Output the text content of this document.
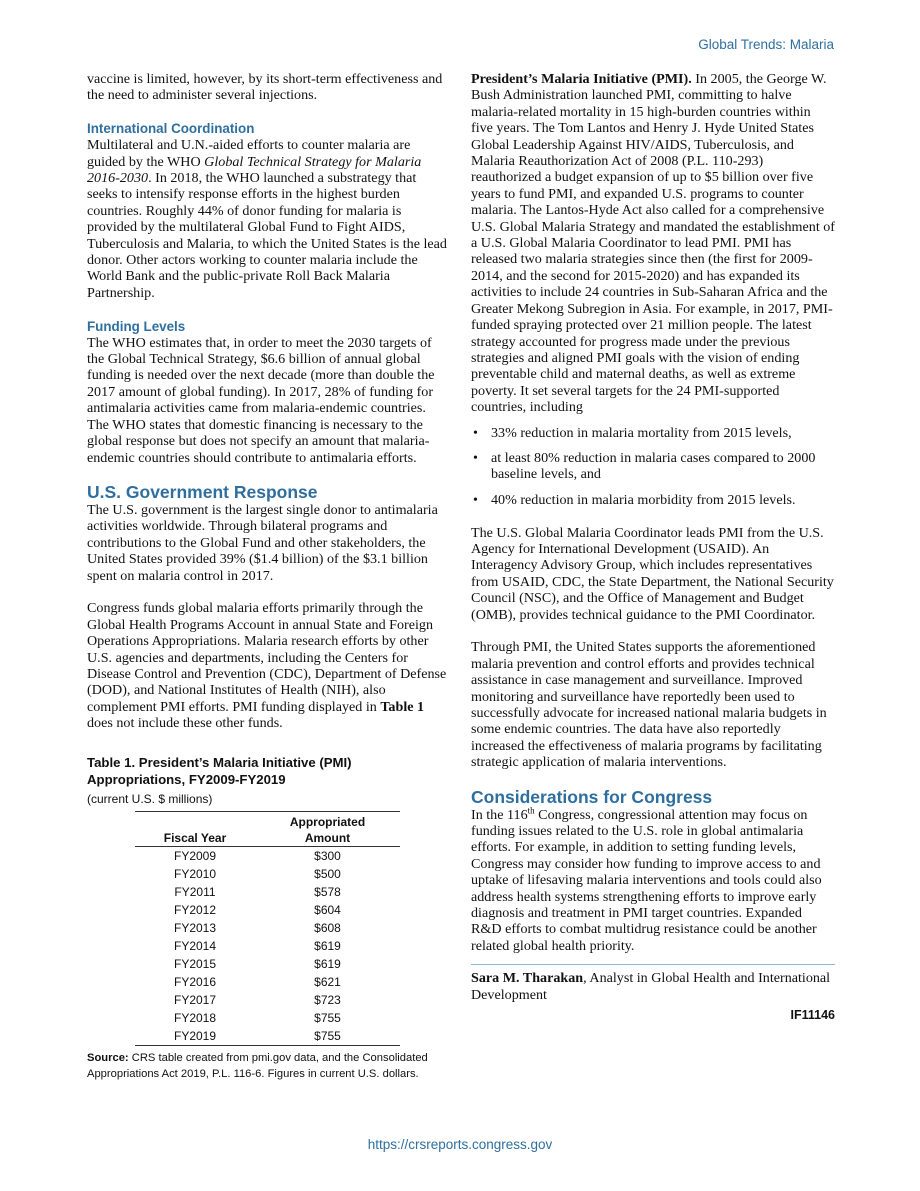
Global Trends: Malaria

vaccine is limited, however, by its short-term effectiveness and the need to administer several injections.

International Coordination

Multilateral and U.N.-aided efforts to counter malaria are guided by the WHO Global Technical Strategy for Malaria 2016-2030. In 2018, the WHO launched a substrategy that seeks to intensify response efforts in the highest burden countries. Roughly 44% of donor funding for malaria is provided by the multilateral Global Fund to Fight AIDS, Tuberculosis and Malaria, to which the United States is the lead donor. Other actors working to counter malaria include the World Bank and the public-private Roll Back Malaria Partnership.

Funding Levels

The WHO estimates that, in order to meet the 2030 targets of the Global Technical Strategy, $6.6 billion of annual global funding is needed over the next decade (more than double the 2017 amount of global funding). In 2017, 28% of funding for antimalaria activities came from malaria-endemic countries. The WHO states that domestic financing is necessary to the global response but does not specify an amount that malaria-endemic countries should contribute to antimalaria efforts.

U.S. Government Response

The U.S. government is the largest single donor to antimalaria activities worldwide. Through bilateral programs and contributions to the Global Fund and other stakeholders, the United States provided 39% ($1.4 billion) of the $3.1 billion spent on malaria control in 2017.

Congress funds global malaria efforts primarily through the Global Health Programs Account in annual State and Foreign Operations Appropriations. Malaria research efforts by other U.S. agencies and departments, including the Centers for Disease Control and Prevention (CDC), Department of Defense (DOD), and National Institutes of Health (NIH), also complement PMI efforts. PMI funding displayed in Table 1 does not include these other funds.

Table 1. President’s Malaria Initiative (PMI) Appropriations, FY2009-FY2019
(current U.S. $ millions)
Fiscal Year	Appropriated
Amount
FY2009	$300
FY2010	$500
FY2011	$578
FY2012	$604
FY2013	$608
FY2014	$619
FY2015	$619
FY2016	$621
FY2017	$723
FY2018	$755
FY2019	$755
Source: CRS table created from pmi.gov data, and the Consolidated Appropriations Act 2019, P.L. 116-6. Figures in current U.S. dollars.

President’s Malaria Initiative (PMI). In 2005, the George W. Bush Administration launched PMI, committing to halve malaria-related mortality in 15 high-burden countries within five years. The Tom Lantos and Henry J. Hyde United States Global Leadership Against HIV/AIDS, Tuberculosis, and Malaria Reauthorization Act of 2008 (P.L. 110-293) reauthorized a budget expansion of up to $5 billion over five years to fund PMI, and expanded U.S. programs to counter malaria. The Lantos-Hyde Act also called for a comprehensive U.S. Global Malaria Strategy and mandated the establishment of a U.S. Global Malaria Coordinator to lead PMI. PMI has released two malaria strategies since then (the first for 2009-2014, and the second for 2015-2020) and has expanded its activities to include 24 countries in Sub-Saharan Africa and the Greater Mekong Subregion in Asia. For example, in 2017, PMI-funded spraying protected over 21 million people. The latest strategy accounted for progress made under the previous strategies and aligned PMI goals with the vision of ending preventable child and maternal deaths, as well as extreme poverty. It set several targets for the 24 PMI-supported countries, including

• 33% reduction in malaria mortality from 2015 levels,
• at least 80% reduction in malaria cases compared to 2000 baseline levels, and
• 40% reduction in malaria morbidity from 2015 levels.

The U.S. Global Malaria Coordinator leads PMI from the U.S. Agency for International Development (USAID). An Interagency Advisory Group, which includes representatives from USAID, CDC, the State Department, the National Security Council (NSC), and the Office of Management and Budget (OMB), provides technical guidance to the PMI Coordinator.

Through PMI, the United States supports the aforementioned malaria prevention and control efforts and provides technical assistance in case management and surveillance. Improved monitoring and surveillance have reportedly been used to successfully advocate for increased national malaria budgets in some endemic countries. The data have also reportedly increased the effectiveness of malaria programs by facilitating strategic application of malaria interventions.

Considerations for Congress

In the 116th Congress, congressional attention may focus on funding issues related to the U.S. role in global antimalaria efforts. For example, in addition to setting funding levels, Congress may consider how funding to improve access to and uptake of lifesaving malaria interventions and tools could also address health systems strengthening efforts to improve early diagnosis and treatment in PMI target countries. Expanded R&D efforts to combat multidrug resistance could be another related global health priority.

Sara M. Tharakan, Analyst in Global Health and International Development

IF11146
https://crsreports.congress.gov
